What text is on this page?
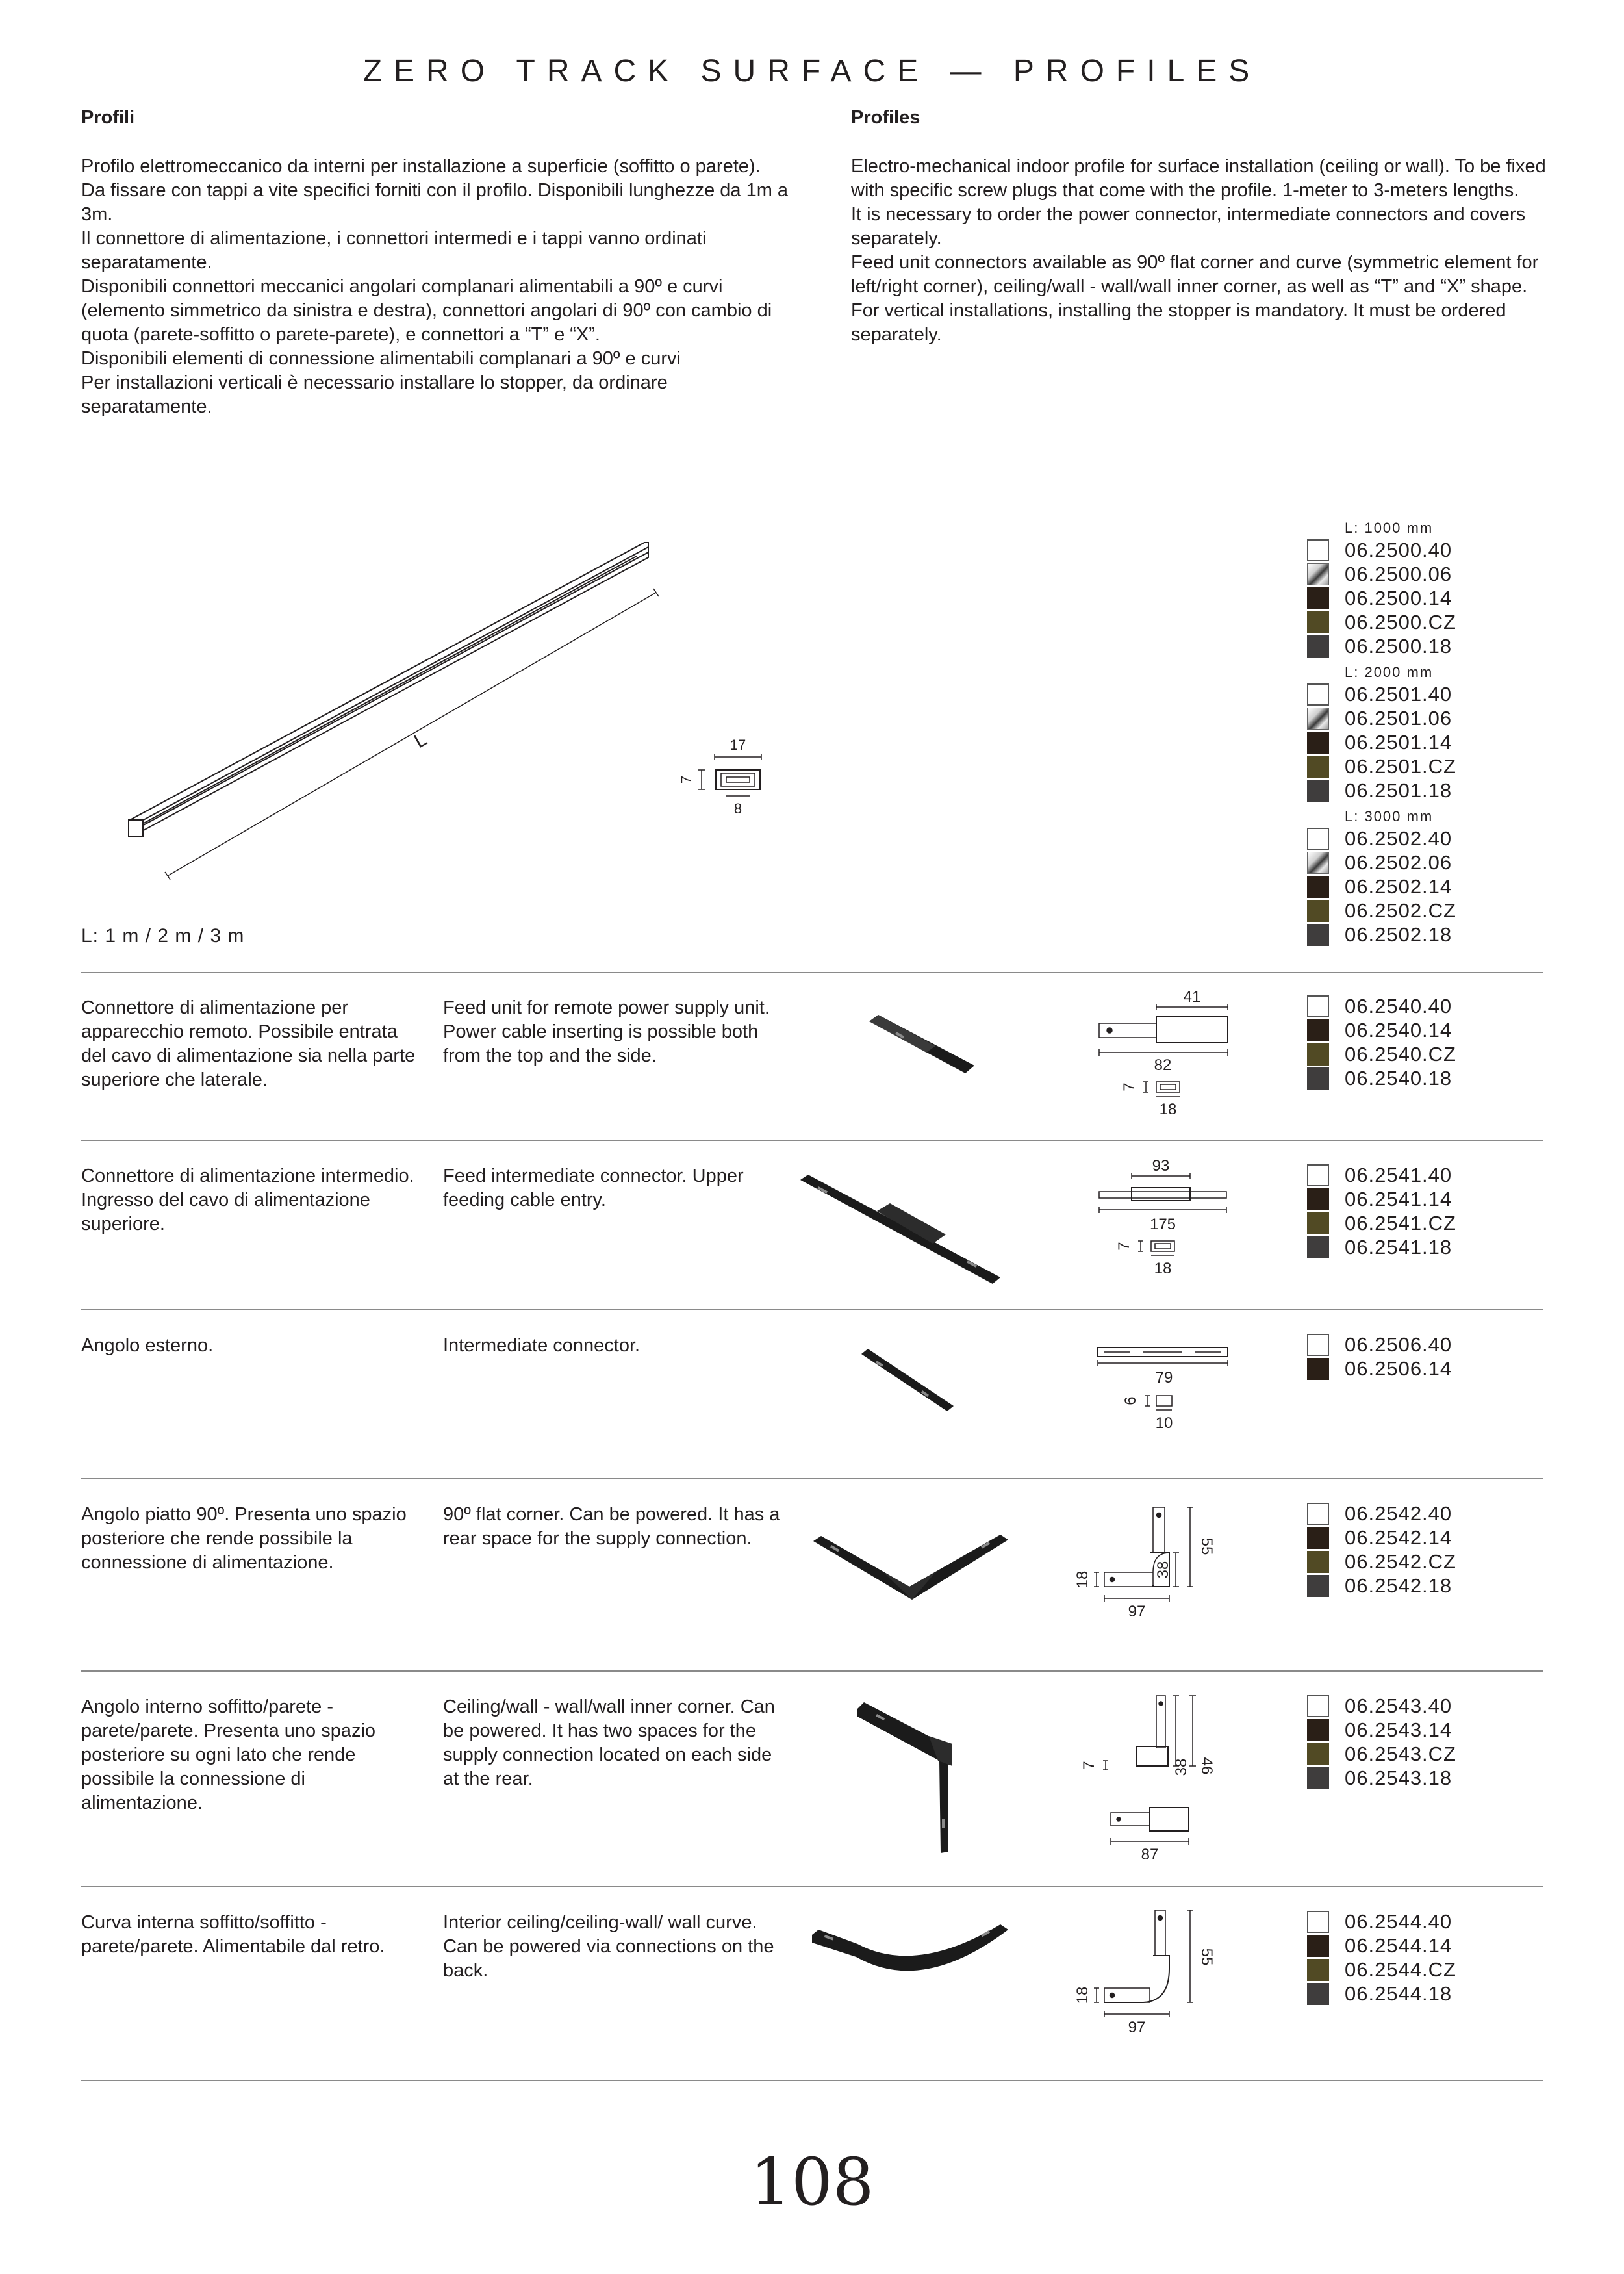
ZERO TRACK SURFACE — PROFILES
Profili

Profilo elettromeccanico da interni per installazione a superficie (soffitto o parete). Da fissare con tappi a vite specifici forniti con il profilo. Disponibili lunghezze da 1m a 3m.

Il connettore di alimentazione, i connettori intermedi e i tappi vanno ordinati separatamente.

Disponibili connettori meccanici angolari complanari alimentabili a 90º e curvi (elemento simmetrico da sinistra e destra), connettori angolari di 90º con cambio di quota (parete-soffitto o parete-parete), e connettori a “T” e “X”.

Disponibili elementi di connessione alimentabili complanari a 90º e curvi

Per installazioni verticali è necessario installare lo stopper, da ordinare separatamente.

Profiles

Electro-mechanical indoor profile for surface installation (ceiling or wall). To be fixed with specific screw plugs that come with the profile. 1-meter to 3-meters lengths.

It is necessary to order the power connector, intermediate connectors and covers separately.

Feed unit connectors available as 90º flat corner and curve (symmetric element for left/right corner), ceiling/wall - wall/wall inner corner, as well as “T” and “X” shape.

For vertical installations, installing the stopper is mandatory. It must be ordered separately.

L	17
7
8
L: 1 m / 2 m / 3 m
L: 1000 mm
06.2500.40
06.2500.06
06.2500.14
06.2500.CZ
06.2500.18
L: 2000 mm
06.2501.40
06.2501.06
06.2501.14
06.2501.CZ
06.2501.18
L: 3000 mm
06.2502.40
06.2502.06
06.2502.14
06.2502.CZ
06.2502.18
Connettore di alimentazione per apparecchio remoto. Possibile entrata del cavo di alimentazione sia nella parte superiore che laterale.
Feed unit for remote power supply unit. Power cable inserting is possible both from the top and the side.
41
82
7
18
06.2540.40
06.2540.14
06.2540.CZ
06.2540.18
Connettore di alimentazione intermedio. Ingresso del cavo di alimentazione superiore.
Feed intermediate connector. Upper feeding cable entry.
93
175
7
18
06.2541.40
06.2541.14
06.2541.CZ
06.2541.18
Angolo esterno.	Intermediate connector.
79
6
10
06.2506.40
06.2506.14
Angolo piatto 90º. Presenta uno spazio posteriore che rende possibile la connessione di alimentazione.
90º flat corner. Can be powered. It has a rear space for the supply connection.
38
55
18
97
06.2542.40
06.2542.14
06.2542.CZ
06.2542.18
Angolo interno soffitto/parete - parete/parete. Presenta uno spazio posteriore su ogni lato che rende possibile la connessione di alimentazione.
Ceiling/wall - wall/wall inner corner. Can be powered. It has two spaces for the supply connection located on each side at the rear.
38 46
7
87
06.2543.40
06.2543.14
06.2543.CZ
06.2543.18
Curva interna soffitto/soffitto - parete/parete. Alimentabile dal retro.
Interior ceiling/ceiling-wall/ wall curve. Can be powered via connections on the back.
55
18
97
06.2544.40
06.2544.14
06.2544.CZ
06.2544.18
108
